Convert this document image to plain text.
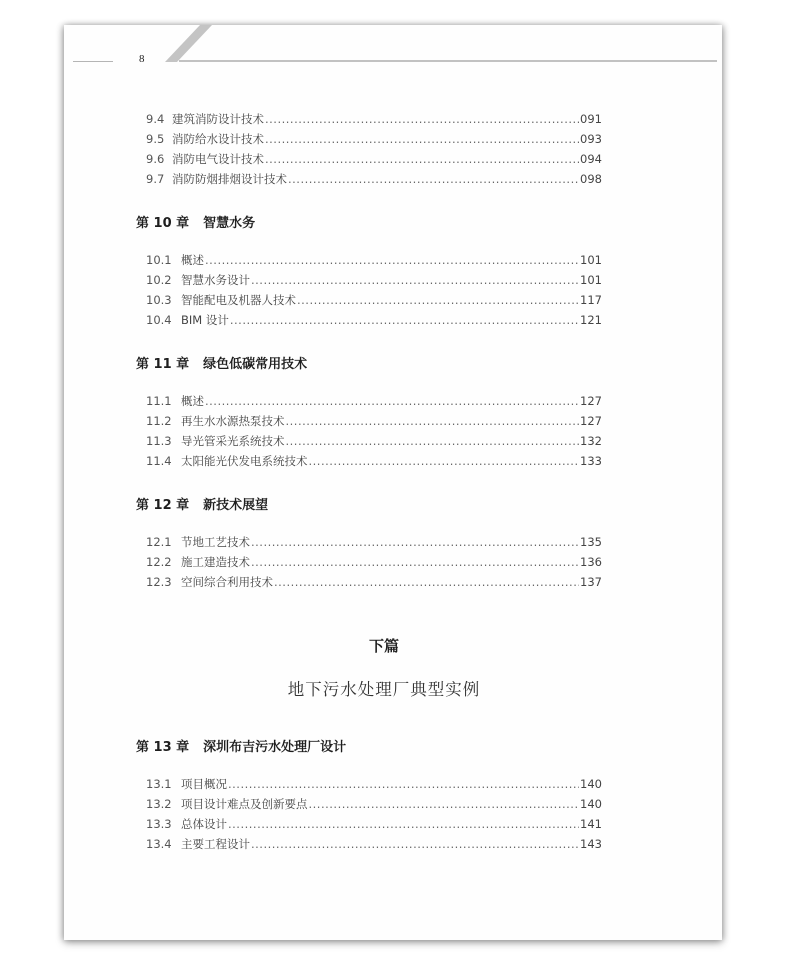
8
9.4 建筑消防设计技术 .....	091
9.5 消防给水设计技术 .....	093
9.6 消防电气设计技术 .....	094
9.7 消防防烟排烟设计技术 .....	098
第 10 章 智慧水务
10.1 概述 .....	101
10.2 智慧水务设计 .....	101
10.3 智能配电及机器人技术 .....	117
10.4 BIM 设计 .....	121
第 11 章 绿色低碳常用技术
11.1 概述 .....	127
11.2 再生水水源热泵技术 .....	127
11.3 导光管采光系统技术 .....	132
11.4 太阳能光伏发电系统技术 .....	133
第 12 章 新技术展望
12.1 节地工艺技术 .....	135
12.2 施工建造技术 .....	136
12.3 空间综合利用技术 .....	137
第 13 章 深圳布吉污水处理厂设计
13.1 项目概况 .....	140
13.2 项目设计难点及创新要点 .....	140
13.3 总体设计 .....	141
13.4 主要工程设计 .....	143
下篇
地下污水处理厂典型实例
